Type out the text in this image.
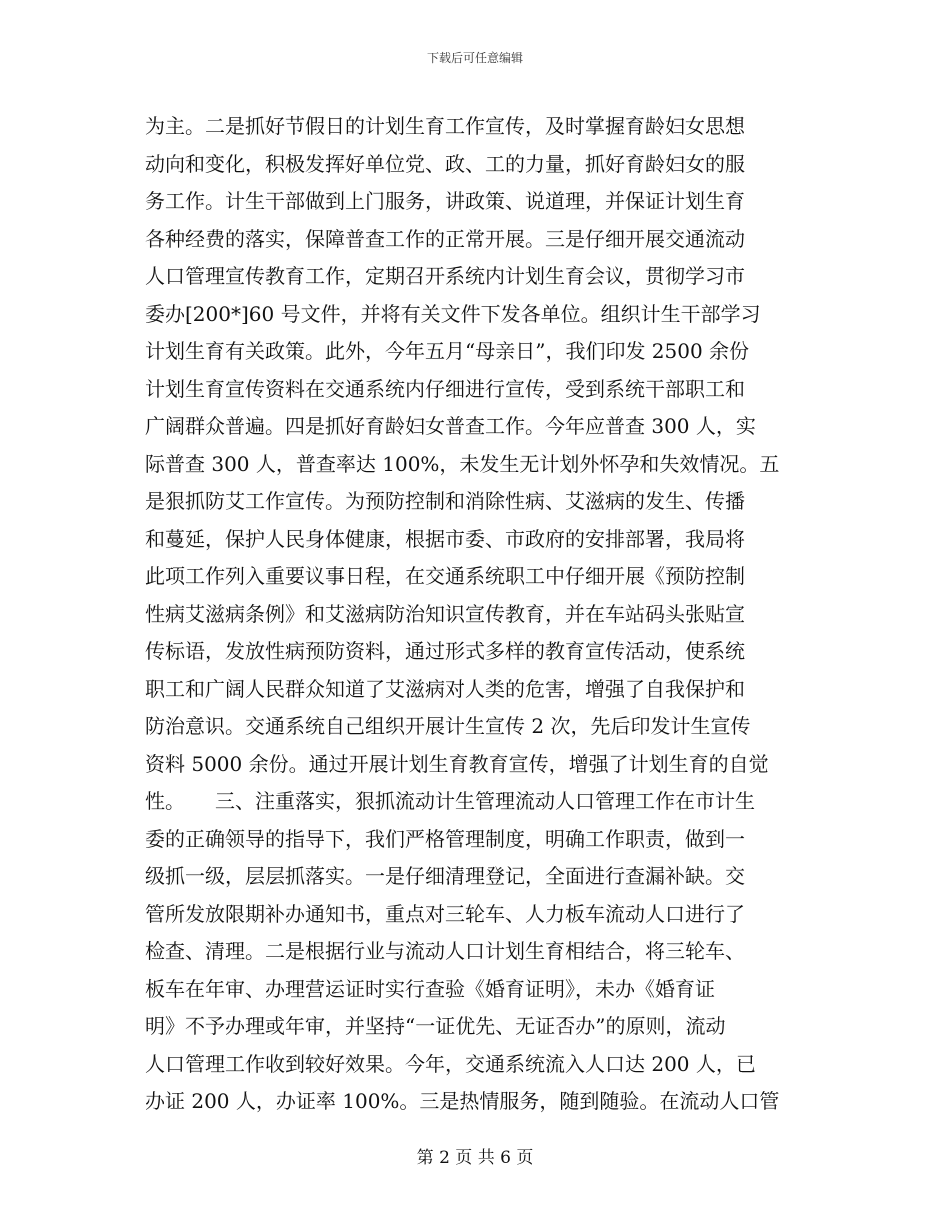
下载后可任意编辑
为主。二是抓好节假日的计划生育工作宣传，及时掌握育龄妇女思想
动向和变化，积极发挥好单位党、政、工的力量，抓好育龄妇女的服
务工作。计生干部做到上门服务，讲政策、说道理，并保证计划生育
各种经费的落实，保障普查工作的正常开展。三是仔细开展交通流动
人口管理宣传教育工作，定期召开系统内计划生育会议，贯彻学习市
委办[200*]60 号文件，并将有关文件下发各单位。组织计生干部学习
计划生育有关政策。此外，今年五月“母亲日”，我们印发 2500 余份
计划生育宣传资料在交通系统内仔细进行宣传，受到系统干部职工和
广阔群众普遍。四是抓好育龄妇女普查工作。今年应普查 300 人，实
际普查 300 人，普查率达 100%，未发生无计划外怀孕和失效情况。五
是狠抓防艾工作宣传。为预防控制和消除性病、艾滋病的发生、传播
和蔓延，保护人民身体健康，根据市委、市政府的安排部署，我局将
此项工作列入重要议事日程，在交通系统职工中仔细开展《预防控制
性病艾滋病条例》和艾滋病防治知识宣传教育，并在车站码头张贴宣
传标语，发放性病预防资料，通过形式多样的教育宣传活动，使系统
职工和广阔人民群众知道了艾滋病对人类的危害，增强了自我保护和
防治意识。交通系统自己组织开展计生宣传 2 次，先后印发计生宣传
资料 5000 余份。通过开展计划生育教育宣传，增强了计划生育的自觉
性。　　三、注重落实，狠抓流动计生管理流动人口管理工作在市计生
委的正确领导的指导下，我们严格管理制度，明确工作职责，做到一
级抓一级，层层抓落实。一是仔细清理登记，全面进行查漏补缺。交
管所发放限期补办通知书，重点对三轮车、人力板车流动人口进行了
检查、清理。二是根据行业与流动人口计划生育相结合，将三轮车、
板车在年审、办理营运证时实行查验《婚育证明》，未办《婚育证
明》不予办理或年审，并坚持“一证优先、无证否办”的原则，流动
人口管理工作收到较好效果。今年，交通系统流入人口达 200 人，已
办证 200 人，办证率 100%。三是热情服务，随到随验。在流动人口管
第 2 页 共 6 页
